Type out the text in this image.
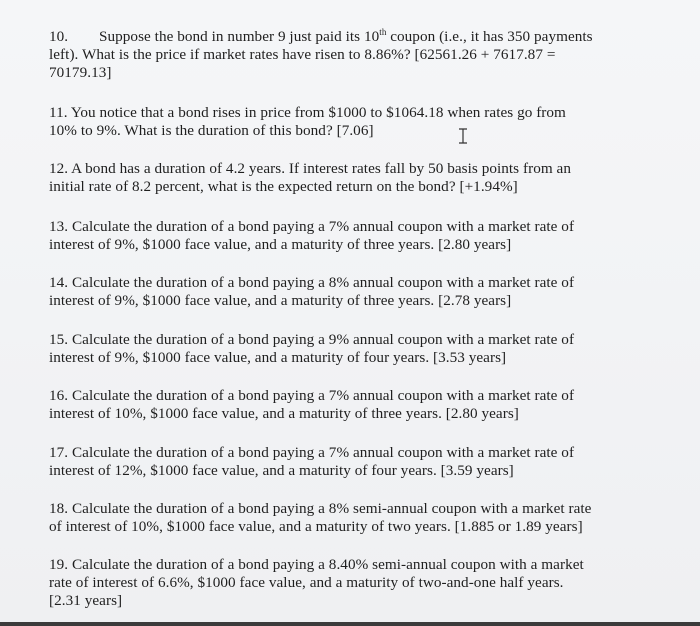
10. Suppose the bond in number 9 just paid its 10th coupon (i.e., it has 350 payments
left). What is the price if market rates have risen to 8.86%? [62561.26 + 7617.87 =
70179.13]
11. You notice that a bond rises in price from $1000 to $1064.18 when rates go from
10% to 9%. What is the duration of this bond? [7.06]
12. A bond has a duration of 4.2 years. If interest rates fall by 50 basis points from an
initial rate of 8.2 percent, what is the expected return on the bond? [+1.94%]
13. Calculate the duration of a bond paying a 7% annual coupon with a market rate of
interest of 9%, $1000 face value, and a maturity of three years. [2.80 years]
14. Calculate the duration of a bond paying a 8% annual coupon with a market rate of
interest of 9%, $1000 face value, and a maturity of three years. [2.78 years]
15. Calculate the duration of a bond paying a 9% annual coupon with a market rate of
interest of 9%, $1000 face value, and a maturity of four years. [3.53 years]
16. Calculate the duration of a bond paying a 7% annual coupon with a market rate of
interest of 10%, $1000 face value, and a maturity of three years. [2.80 years]
17. Calculate the duration of a bond paying a 7% annual coupon with a market rate of
interest of 12%, $1000 face value, and a maturity of four years. [3.59 years]
18. Calculate the duration of a bond paying a 8% semi-annual coupon with a market rate
of interest of 10%, $1000 face value, and a maturity of two years. [1.885 or 1.89 years]
19. Calculate the duration of a bond paying a 8.40% semi-annual coupon with a market
rate of interest of 6.6%, $1000 face value, and a maturity of two-and-one half years.
[2.31 years]
